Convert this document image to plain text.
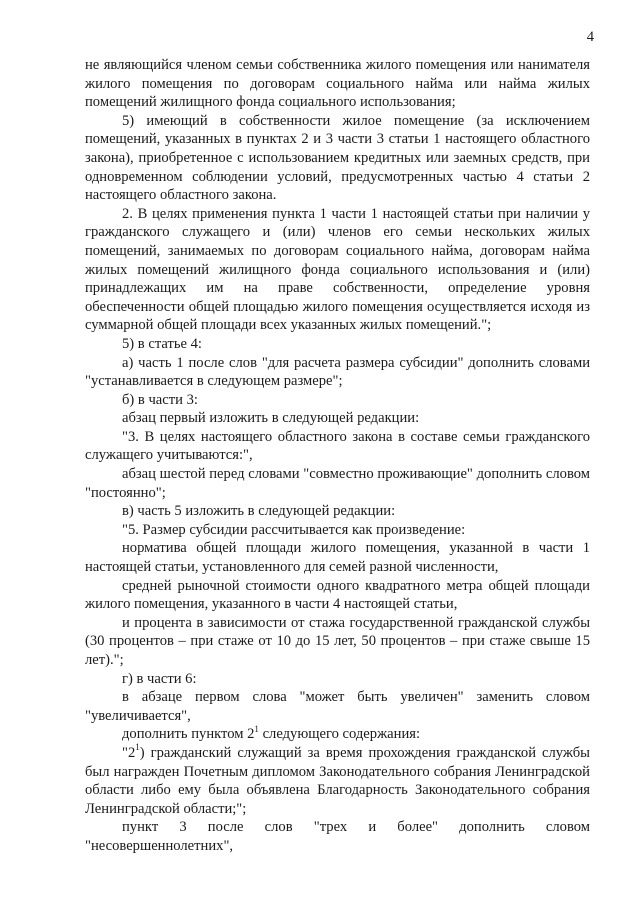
4

не являющийся членом семьи собственника жилого помещения или нанимателя жилого помещения по договорам социального найма или найма жилых помещений жилищного фонда социального использования;

5) имеющий в собственности жилое помещение (за исключением помещений, указанных в пунктах 2 и 3 части 3 статьи 1 настоящего областного закона), приобретенное с использованием кредитных или заемных средств, при одновременном соблюдении условий, предусмотренных частью 4 статьи 2 настоящего областного закона.

2. В целях применения пункта 1 части 1 настоящей статьи при наличии у гражданского служащего и (или) членов его семьи нескольких жилых помещений, занимаемых по договорам социального найма, договорам найма жилых помещений жилищного фонда социального использования и (или) принадлежащих им на праве собственности, определение уровня обеспеченности общей площадью жилого помещения осуществляется исходя из суммарной общей площади всех указанных жилых помещений.";

5) в статье 4:

а) часть 1 после слов "для расчета размера субсидии" дополнить словами "устанавливается в следующем размере";

б) в части 3:

абзац первый изложить в следующей редакции:

"3. В целях настоящего областного закона в составе семьи гражданского служащего учитываются:",

абзац шестой перед словами "совместно проживающие" дополнить словом "постоянно";

в) часть 5 изложить в следующей редакции:

"5. Размер субсидии рассчитывается как произведение:

норматива общей площади жилого помещения, указанной в части 1 настоящей статьи, установленного для семей разной численности,

средней рыночной стоимости одного квадратного метра общей площади жилого помещения, указанного в части 4 настоящей статьи,

и процента в зависимости от стажа государственной гражданской службы (30 процентов – при стаже от 10 до 15 лет, 50 процентов – при стаже свыше 15 лет).";

г) в части 6:

в абзаце первом слова "может быть увеличен" заменить словом "увеличивается",

дополнить пунктом $2^1$ следующего содержания:

"$2^1$) гражданский служащий за время прохождения гражданской службы был награжден Почетным дипломом Законодательного собрания Ленинградской области либо ему была объявлена Благодарность Законодательного собрания Ленинградской области;";

пункт 3 после слов "трех и более" дополнить словом "несовершеннолетних",
